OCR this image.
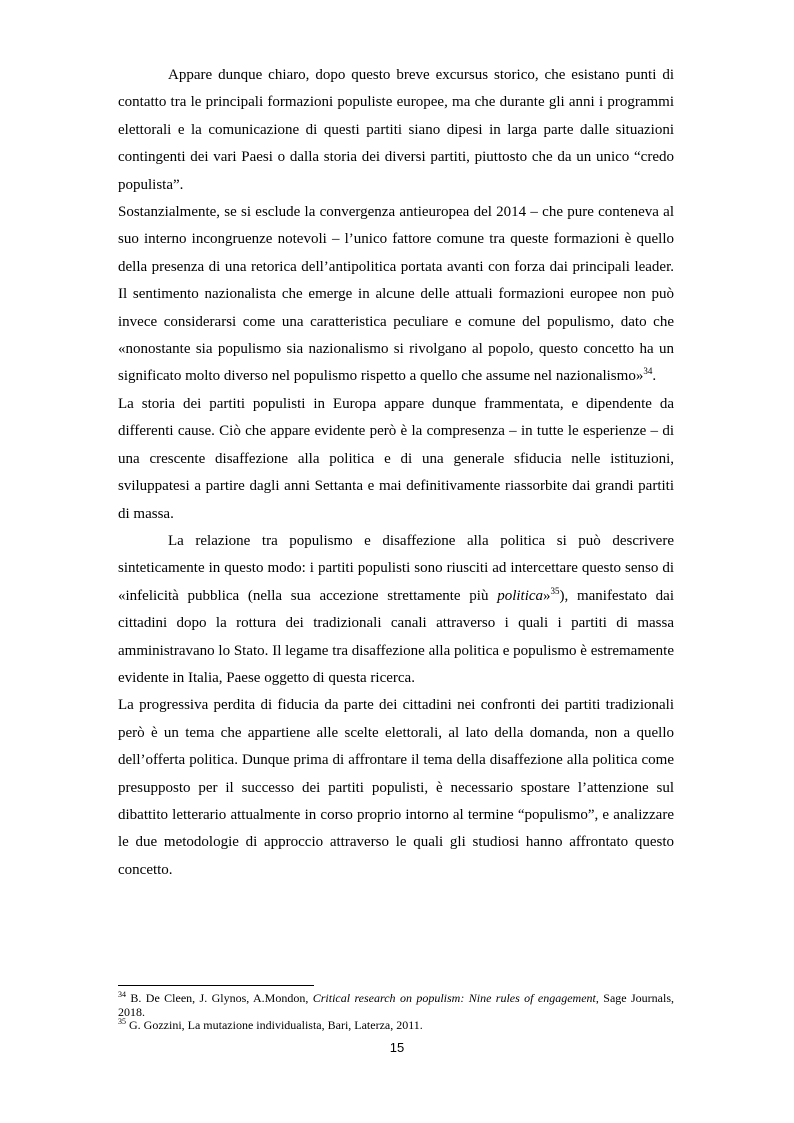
Appare dunque chiaro, dopo questo breve excursus storico, che esistano punti di contatto tra le principali formazioni populiste europee, ma che durante gli anni i programmi elettorali e la comunicazione di questi partiti siano dipesi in larga parte dalle situazioni contingenti dei vari Paesi o dalla storia dei diversi partiti, piuttosto che da un unico “credo populista”.

Sostanzialmente, se si esclude la convergenza antieuropea del 2014 – che pure conteneva al suo interno incongruenze notevoli – l’unico fattore comune tra queste formazioni è quello della presenza di una retorica dell’antipolitica portata avanti con forza dai principali leader. Il sentimento nazionalista che emerge in alcune delle attuali formazioni europee non può invece considerarsi come una caratteristica peculiare e comune del populismo, dato che «nonostante sia populismo sia nazionalismo si rivolgano al popolo, questo concetto ha un significato molto diverso nel populismo rispetto a quello che assume nel nazionalismo»$^{34}$.

La storia dei partiti populisti in Europa appare dunque frammentata, e dipendente da differenti cause. Ciò che appare evidente però è la compresenza – in tutte le esperienze – di una crescente disaffezione alla politica e di una generale sfiducia nelle istituzioni, sviluppatesi a partire dagli anni Settanta e mai definitivamente riassorbite dai grandi partiti di massa.

La relazione tra populismo e disaffezione alla politica si può descrivere sinteticamente in questo modo: i partiti populisti sono riusciti ad intercettare questo senso di «infelicità pubblica (nella sua accezione strettamente più politica»$^{35}$), manifestato dai cittadini dopo la rottura dei tradizionali canali attraverso i quali i partiti di massa amministravano lo Stato. Il legame tra disaffezione alla politica e populismo è estremamente evidente in Italia, Paese oggetto di questa ricerca.

La progressiva perdita di fiducia da parte dei cittadini nei confronti dei partiti tradizionali però è un tema che appartiene alle scelte elettorali, al lato della domanda, non a quello dell’offerta politica. Dunque prima di affrontare il tema della disaffezione alla politica come presupposto per il successo dei partiti populisti, è necessario spostare l’attenzione sul dibattito letterario attualmente in corso proprio intorno al termine “populismo”, e analizzare le due metodologie di approccio attraverso le quali gli studiosi hanno affrontato questo concetto.

$^{34}$ B. De Cleen, J. Glynos, A.Mondon, Critical research on populism: Nine rules of engagement, Sage Journals, 2018.

$^{35}$ G. Gozzini, La mutazione individualista, Bari, Laterza, 2011.

15
